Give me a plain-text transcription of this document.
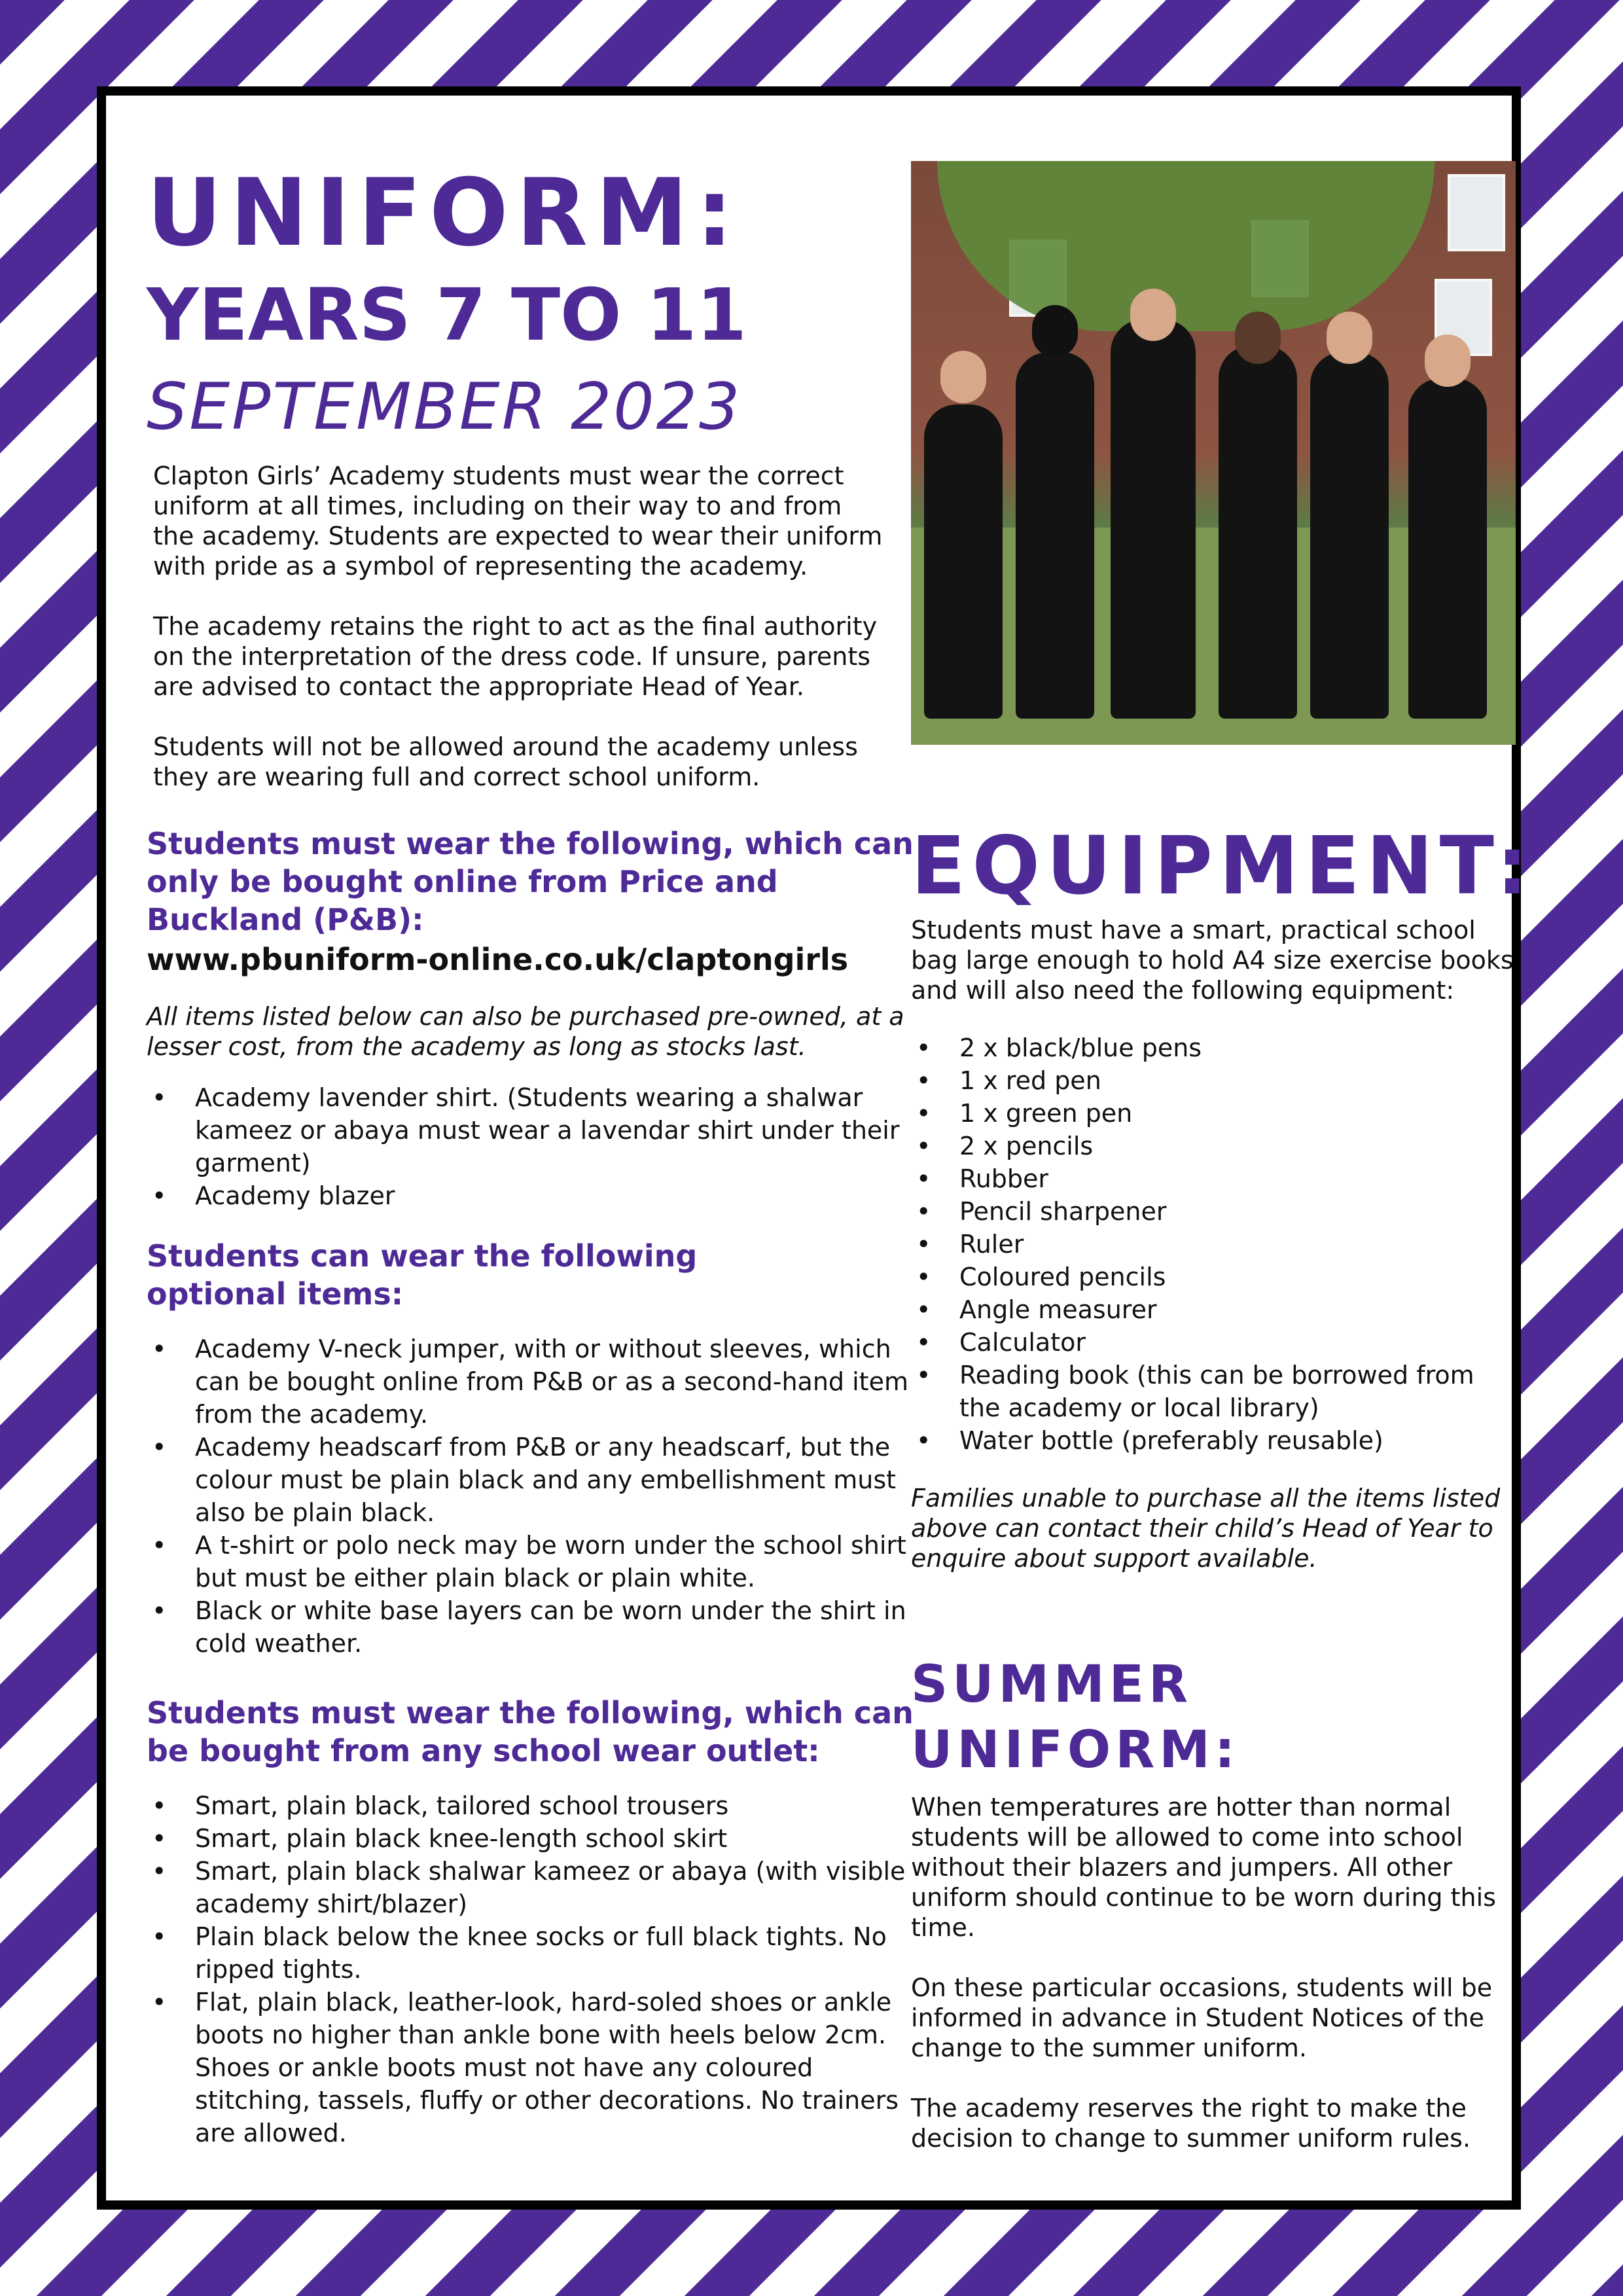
UNIFORM:
YEARS 7 TO 11
SEPTEMBER 2023

Clapton Girls’ Academy students must wear the correct uniform at all times, including on their way to and from the academy. Students are expected to wear their uniform with pride as a symbol of representing the academy.

The academy retains the right to act as the final authority on the interpretation of the dress code. If unsure, parents are advised to contact the appropriate Head of Year.

Students will not be allowed around the academy unless they are wearing full and correct school uniform.

Students must wear the following, which can only be bought online from Price and Buckland (P&B):
www.pbuniform-online.co.uk/claptongirls

All items listed below can also be purchased pre-owned, at a lesser cost, from the academy as long as stocks last.

• Academy lavender shirt. (Students wearing a shalwar kameez or abaya must wear a lavendar shirt under their garment)
• Academy blazer
Students can wear the following optional items:
• Academy V-neck jumper, with or without sleeves, which can be bought online from P&B or as a second-hand item from the academy.
• Academy headscarf from P&B or any headscarf, but the colour must be plain black and any embellishment must also be plain black.
• A t-shirt or polo neck may be worn under the school shirt but must be either plain black or plain white.
• Black or white base layers can be worn under the shirt in cold weather.
Students must wear the following, which can be bought from any school wear outlet:
• Smart, plain black, tailored school trousers
• Smart, plain black knee-length school skirt
• Smart, plain black shalwar kameez or abaya (with visible academy shirt/blazer)
• Plain black below the knee socks or full black tights. No ripped tights.
• Flat, plain black, leather-look, hard-soled shoes or ankle boots no higher than ankle bone with heels below 2cm. Shoes or ankle boots must not have any coloured stitching, tassels, fluffy or other decorations. No trainers are allowed.
EQUIPMENT:

Students must have a smart, practical school bag large enough to hold A4 size exercise books and will also need the following equipment:

• 2 x black/blue pens
• 1 x red pen
• 1 x green pen
• 2 x pencils
• Rubber
• Pencil sharpener
• Ruler
• Coloured pencils
• Angle measurer
• Calculator
• Reading book (this can be borrowed from the academy or local library)
• Water bottle (preferably reusable)

Families unable to purchase all the items listed above can contact their child’s Head of Year to enquire about support available.

SUMMER UNIFORM:

When temperatures are hotter than normal students will be allowed to come into school without their blazers and jumpers. All other uniform should continue to be worn during this time.

On these particular occasions, students will be informed in advance in Student Notices of the change to the summer uniform.

The academy reserves the right to make the decision to change to summer uniform rules.
